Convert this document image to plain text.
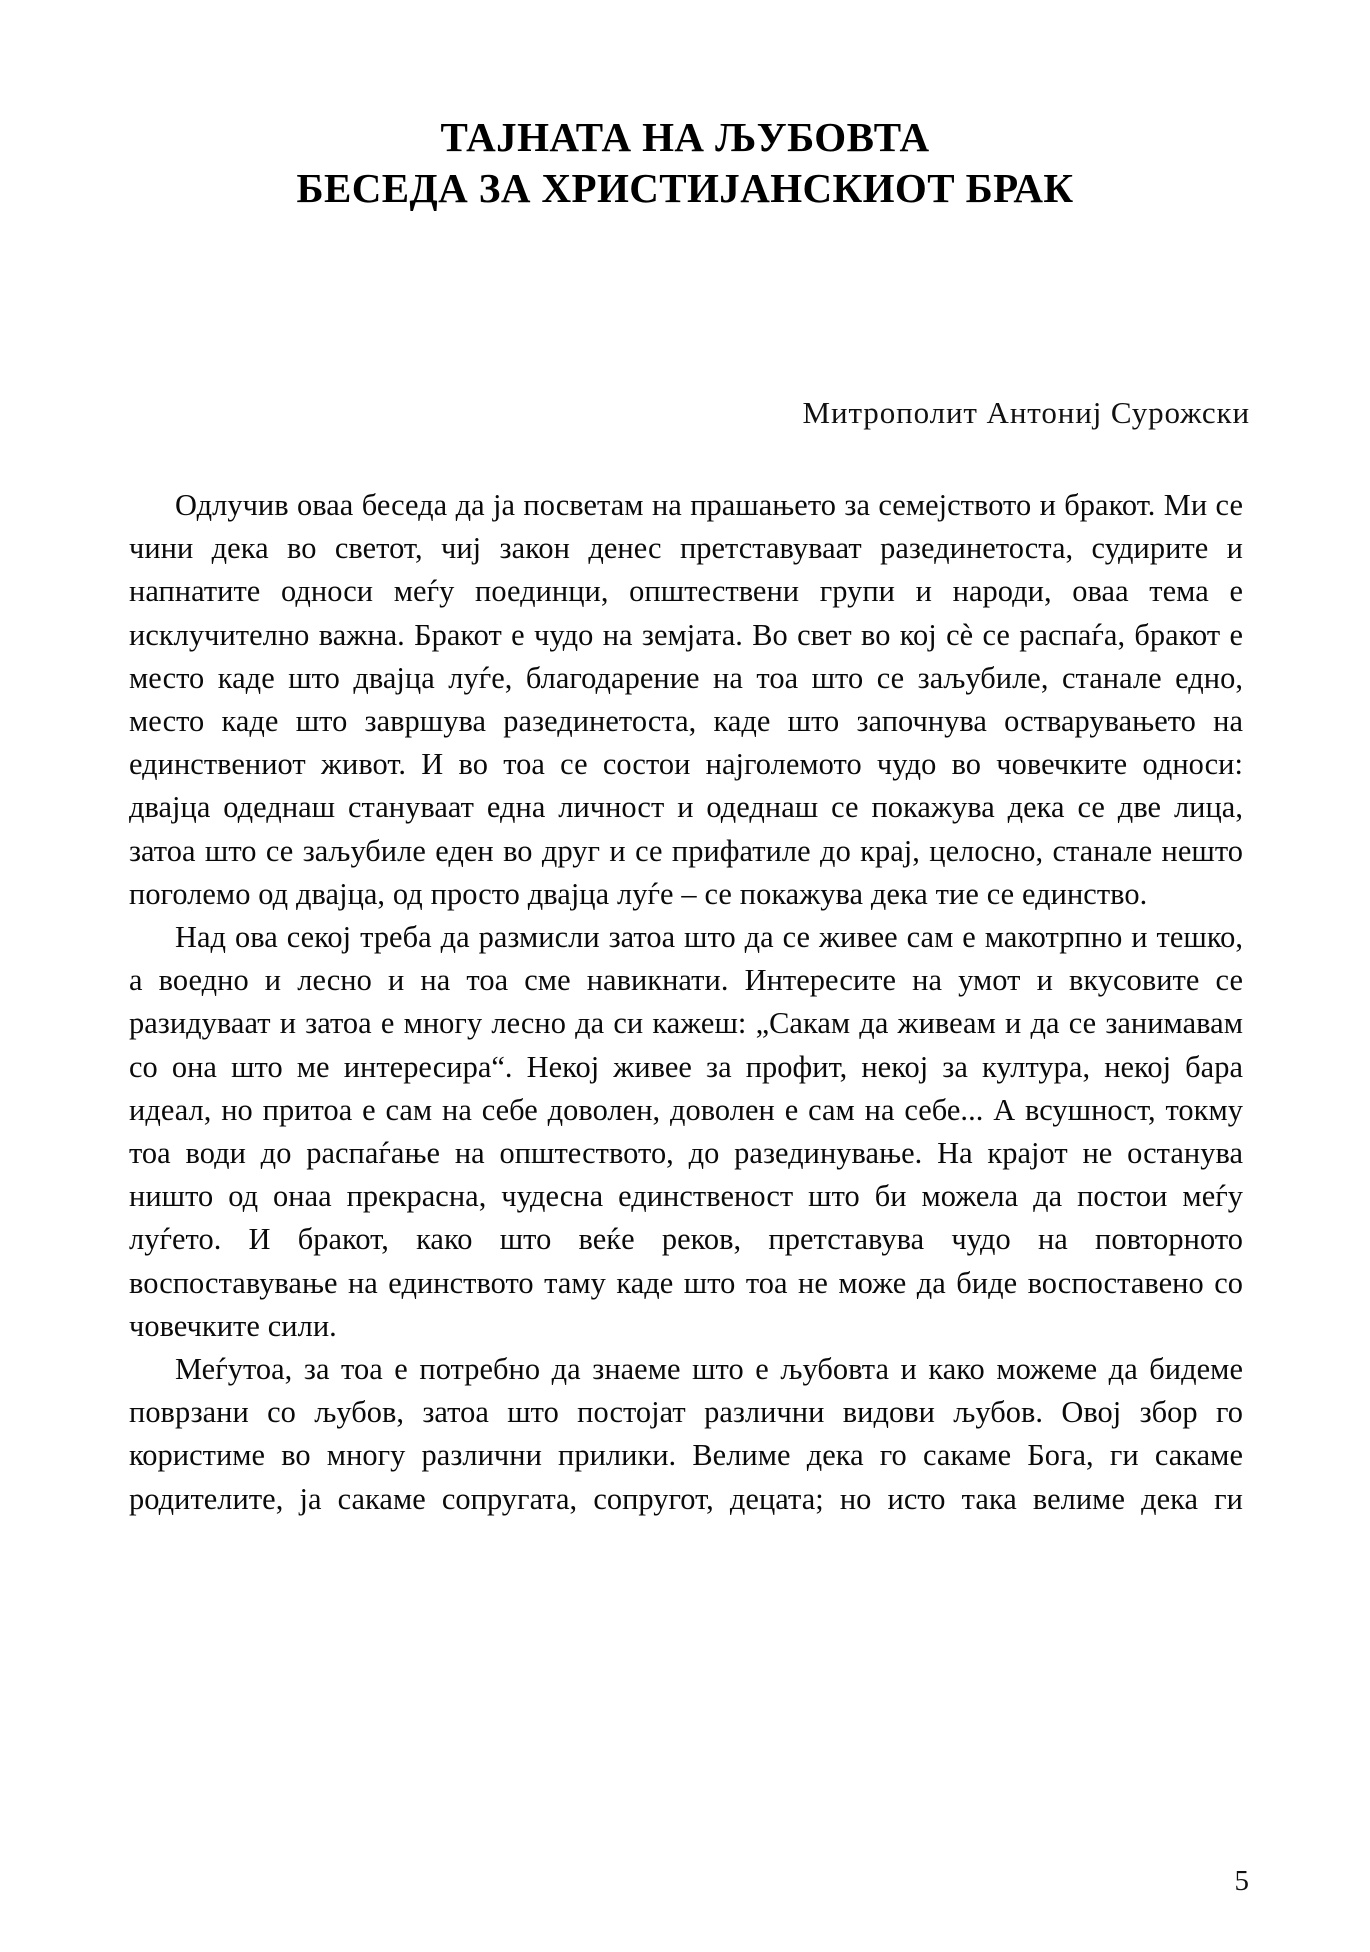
ТАЈНАТА НА ЉУБОВТА
БЕСЕДА ЗА ХРИСТИЈАНСКИОТ БРАК
Митрополит Антониј Сурожски

Одлучив оваа беседа да ја посветам на прашањето за семејството и бракот. Ми се чини дека во светот, чиј закон денес претставуваат разединетоста, судирите и напнатите односи меѓу поединци, општествени групи и народи, оваа тема е исклучително важна. Бракот е чудо на земјата. Во свет во кој сè се распаѓа, бракот е место каде што двајца луѓе, благодарение на тоа што се заљубиле, станале едно, место каде што завршува разединетоста, каде што започнува остварувањето на единствениот живот. И во тоа се состои најголемото чудо во човечките односи: двајца одеднаш стануваат една личност и одеднаш се покажува дека се две лица, затоа што се заљубиле еден во друг и се прифатиле до крај, целосно, станале нешто поголемо од двајца, од просто двајца луѓе – се покажува дека тие се единство.

Над ова секој треба да размисли затоа што да се живее сам е макотрпно и тешко, а воедно и лесно и на тоа сме навикнати. Интересите на умот и вкусовите се разидуваат и затоа е многу лесно да си кажеш: „Сакам да живеам и да се занимавам со она што ме интересира“. Некој живее за профит, некој за култура, некој бара идеал, но притоа е сам на себе доволен, доволен е сам на себе... А всушност, токму тоа води до распаѓање на општеството, до разединување. На крајот не останува ништо од онаа прекрасна, чудесна единственост што би можела да постои меѓу луѓето. И бракот, како што веќе реков, претставува чудо на повторното воспоставување на единството таму каде што тоа не може да биде воспоставено со човечките сили.

Меѓутоа, за тоа е потребно да знаеме што е љубовта и како можеме да бидеме поврзани со љубов, затоа што постојат различни видови љубов. Овој збор го користиме во многу различни прилики. Велиме дека го сакаме Бога, ги сакаме родителите, ја сакаме сопругата, сопругот, децата; но исто така велиме дека ги

5
